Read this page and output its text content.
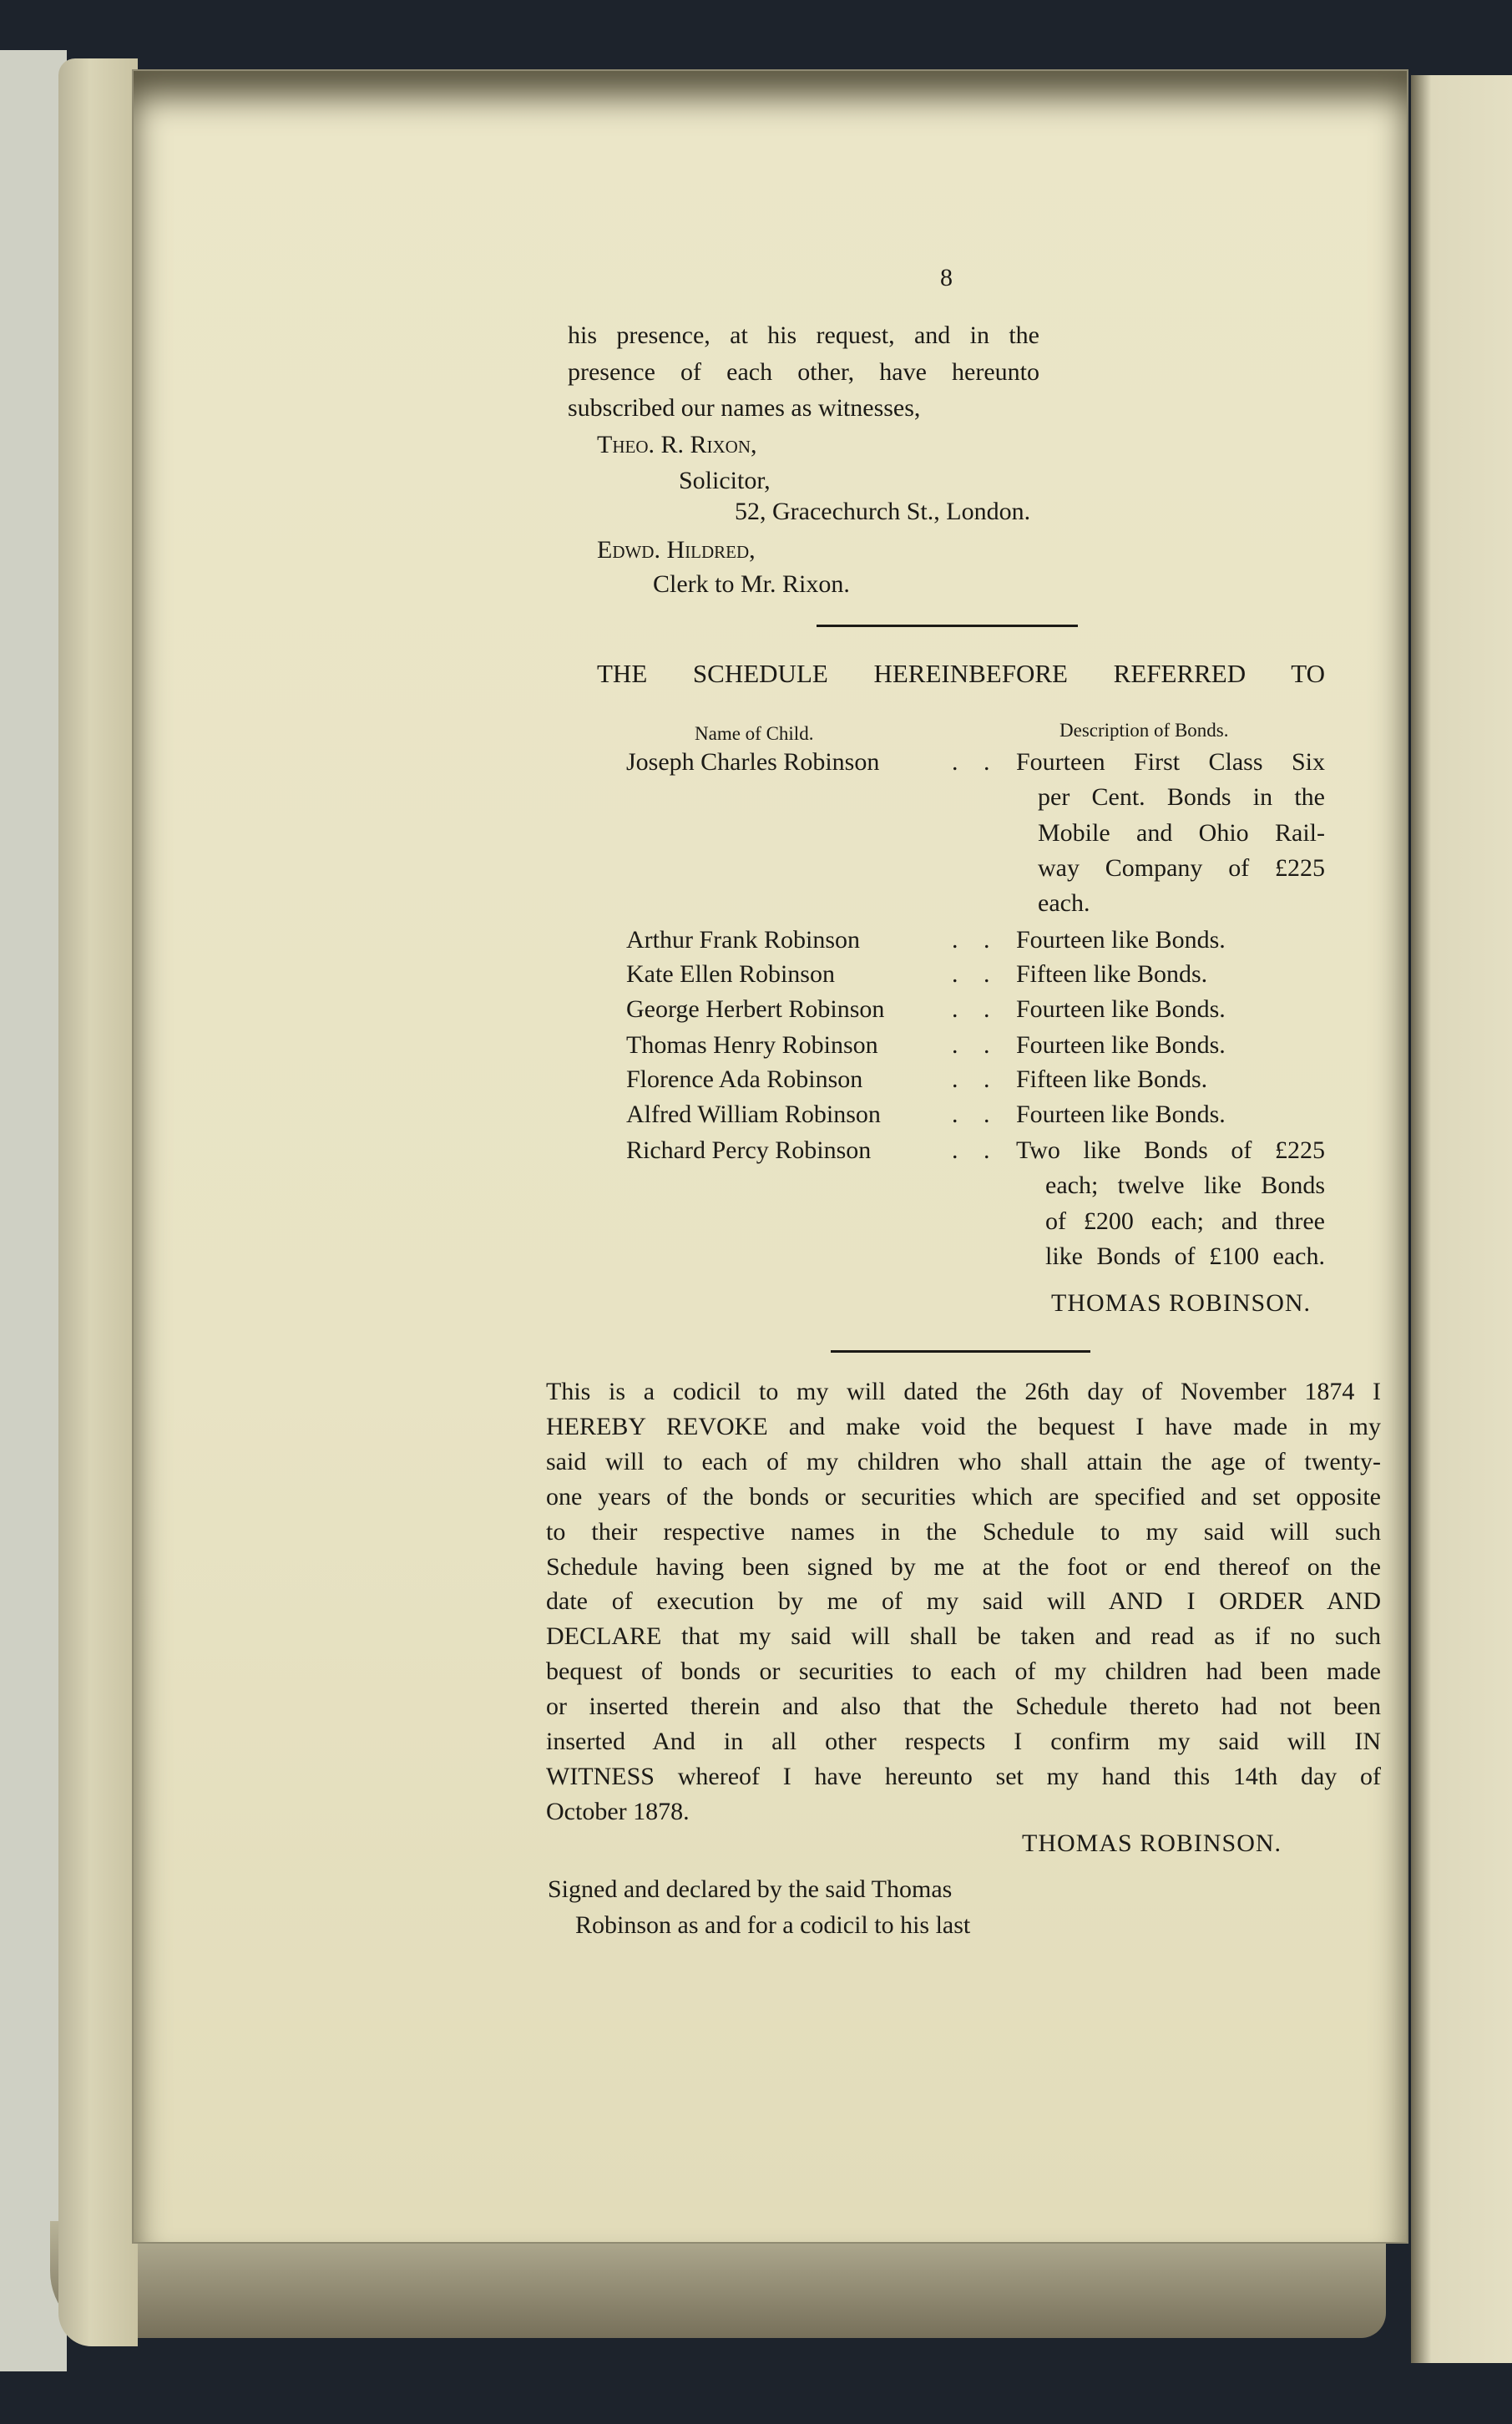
8
his presence, at his request, and in the
presence of each other, have hereunto
subscribed our names as witnesses,
Theo. R. Rixon,
Solicitor,
52, Gracechurch St., London.
Edwd. Hildred,
Clerk to Mr. Rixon.
THE SCHEDULE HEREINBEFORE REFERRED TO
Name of Child.	Description of Bonds.
Joseph Charles Robinson	. . Fourteen First Class Six
per Cent. Bonds in the
Mobile and Ohio Rail-
way Company of £225
each.
Arthur Frank Robinson	. . Fourteen like Bonds.
Kate Ellen Robinson	. . Fifteen like Bonds.
George Herbert Robinson	. . Fourteen like Bonds.
Thomas Henry Robinson	. . Fourteen like Bonds.
Florence Ada Robinson	. . Fifteen like Bonds.
Alfred William Robinson	. . Fourteen like Bonds.
Richard Percy Robinson	. . Two like Bonds of £225
each; twelve like Bonds
of £200 each; and three
like Bonds of £100 each.
THOMAS ROBINSON.
This is a codicil to my will dated the 26th day of November 1874 I
HEREBY REVOKE and make void the bequest I have made in my
said will to each of my children who shall attain the age of twenty-
one years of the bonds or securities which are specified and set opposite
to their respective names in the Schedule to my said will such
Schedule having been signed by me at the foot or end thereof on the
date of execution by me of my said will AND I ORDER AND
DECLARE that my said will shall be taken and read as if no such
bequest of bonds or securities to each of my children had been made
or inserted therein and also that the Schedule thereto had not been
inserted And in all other respects I confirm my said will IN
WITNESS whereof I have hereunto set my hand this 14th day of
October 1878.
THOMAS ROBINSON.
Signed and declared by the said Thomas
Robinson as and for a codicil to his last
